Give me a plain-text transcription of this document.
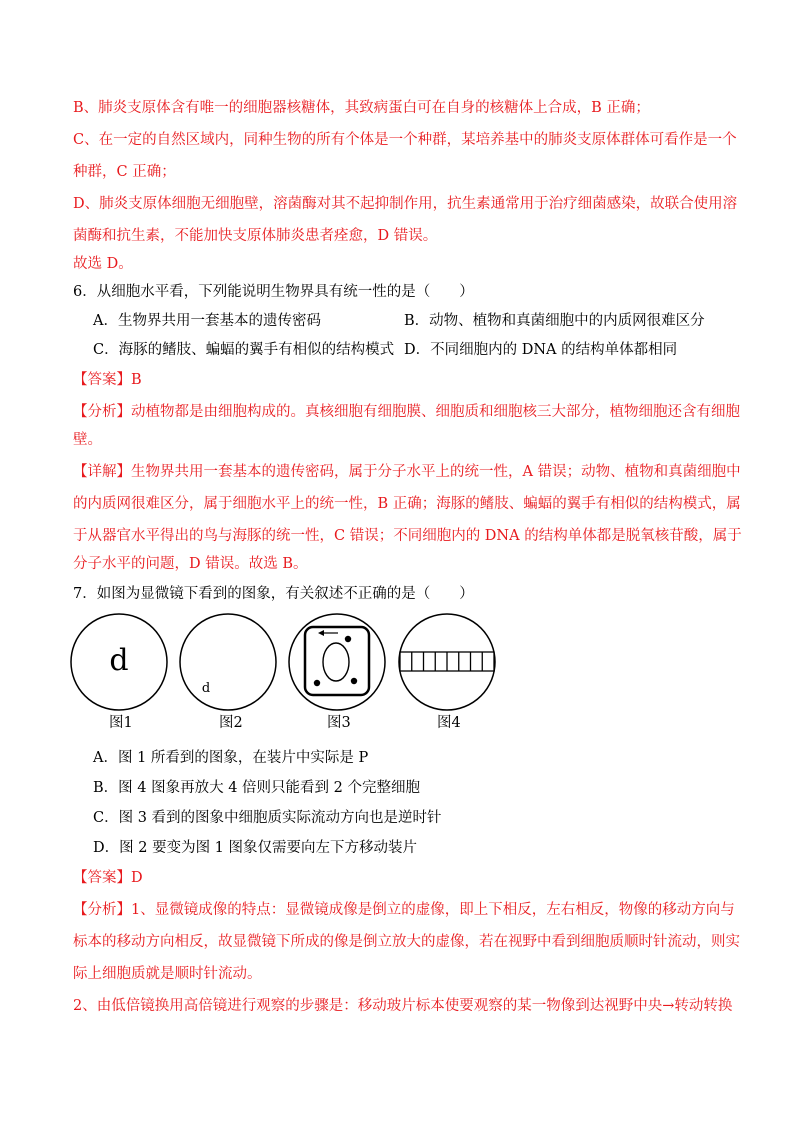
B、肺炎支原体含有唯一的细胞器核糖体，其致病蛋白可在自身的核糖体上合成，B 正确；
C、在一定的自然区域内，同种生物的所有个体是一个种群，某培养基中的肺炎支原体群体可看作是一个
种群，C 正确；
D、肺炎支原体细胞无细胞壁，溶菌酶对其不起抑制作用，抗生素通常用于治疗细菌感染，故联合使用溶
菌酶和抗生素，不能加快支原体肺炎患者痊愈，D 错误。
故选 D。
6．从细胞水平看，下列能说明生物界具有统一性的是（　　）
A．生物界共用一套基本的遗传密码	B．动物、植物和真菌细胞中的内质网很难区分
C．海豚的鳍肢、蝙蝠的翼手有相似的结构模式 D．不同细胞内的 DNA 的结构单体都相同
【答案】B
【分析】动植物都是由细胞构成的。真核细胞有细胞膜、细胞质和细胞核三大部分，植物细胞还含有细胞
壁。
【详解】生物界共用一套基本的遗传密码，属于分子水平上的统一性，A 错误；动物、植物和真菌细胞中
的内质网很难区分，属于细胞水平上的统一性，B 正确；海豚的鳍肢、蝙蝠的翼手有相似的结构模式，属
于从器官水平得出的鸟与海豚的统一性，C 错误；不同细胞内的 DNA 的结构单体都是脱氧核苷酸，属于
分子水平的问题，D 错误。故选 B。
7．如图为显微镜下看到的图象，有关叙述不正确的是（　　）
d
d
图1	图2	图3	图4
A．图 1 所看到的图象，在装片中实际是 P
B．图 4 图象再放大 4 倍则只能看到 2 个完整细胞
C．图 3 看到的图象中细胞质实际流动方向也是逆时针
D．图 2 要变为图 1 图象仅需要向左下方移动装片
【答案】D
【分析】1、显微镜成像的特点：显微镜成像是倒立的虚像，即上下相反，左右相反，物像的移动方向与
标本的移动方向相反，故显微镜下所成的像是倒立放大的虚像，若在视野中看到细胞质顺时针流动，则实
际上细胞质就是顺时针流动。
2、由低倍镜换用高倍镜进行观察的步骤是：移动玻片标本使要观察的某一物像到达视野中央→转动转换
